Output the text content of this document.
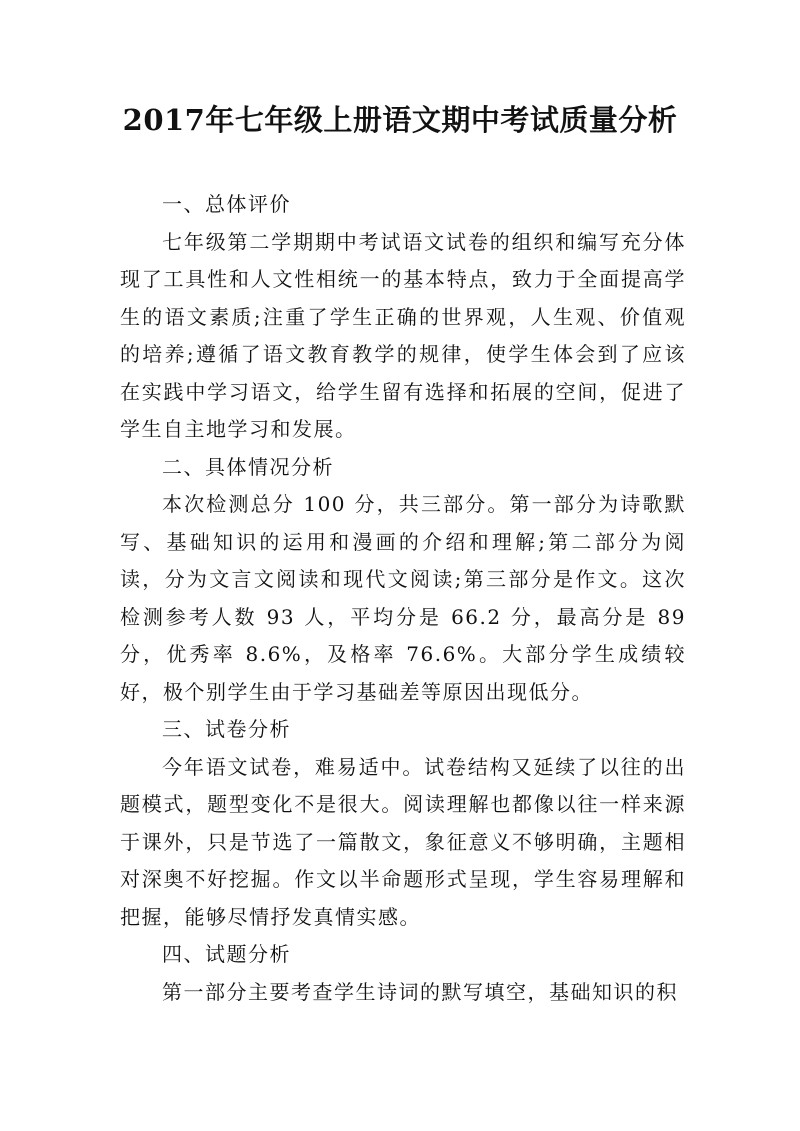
2017年七年级上册语文期中考试质量分析

一、总体评价

七年级第二学期期中考试语文试卷的组织和编写充分体现了工具性和人文性相统一的基本特点，致力于全面提高学生的语文素质;注重了学生正确的世界观，人生观、价值观的培养;遵循了语文教育教学的规律，使学生体会到了应该在实践中学习语文，给学生留有选择和拓展的空间，促进了学生自主地学习和发展。

二、具体情况分析

本次检测总分 100 分，共三部分。第一部分为诗歌默写、基础知识的运用和漫画的介绍和理解;第二部分为阅读，分为文言文阅读和现代文阅读;第三部分是作文。这次检测参考人数 93 人，平均分是 66.2 分，最高分是 89 分，优秀率 8.6%，及格率 76.6%。大部分学生成绩较好，极个别学生由于学习基础差等原因出现低分。

三、试卷分析

今年语文试卷，难易适中。试卷结构又延续了以往的出题模式，题型变化不是很大。阅读理解也都像以往一样来源于课外，只是节选了一篇散文，象征意义不够明确，主题相对深奥不好挖掘。作文以半命题形式呈现，学生容易理解和把握，能够尽情抒发真情实感。

四、试题分析

第一部分主要考查学生诗词的默写填空，基础知识的积
